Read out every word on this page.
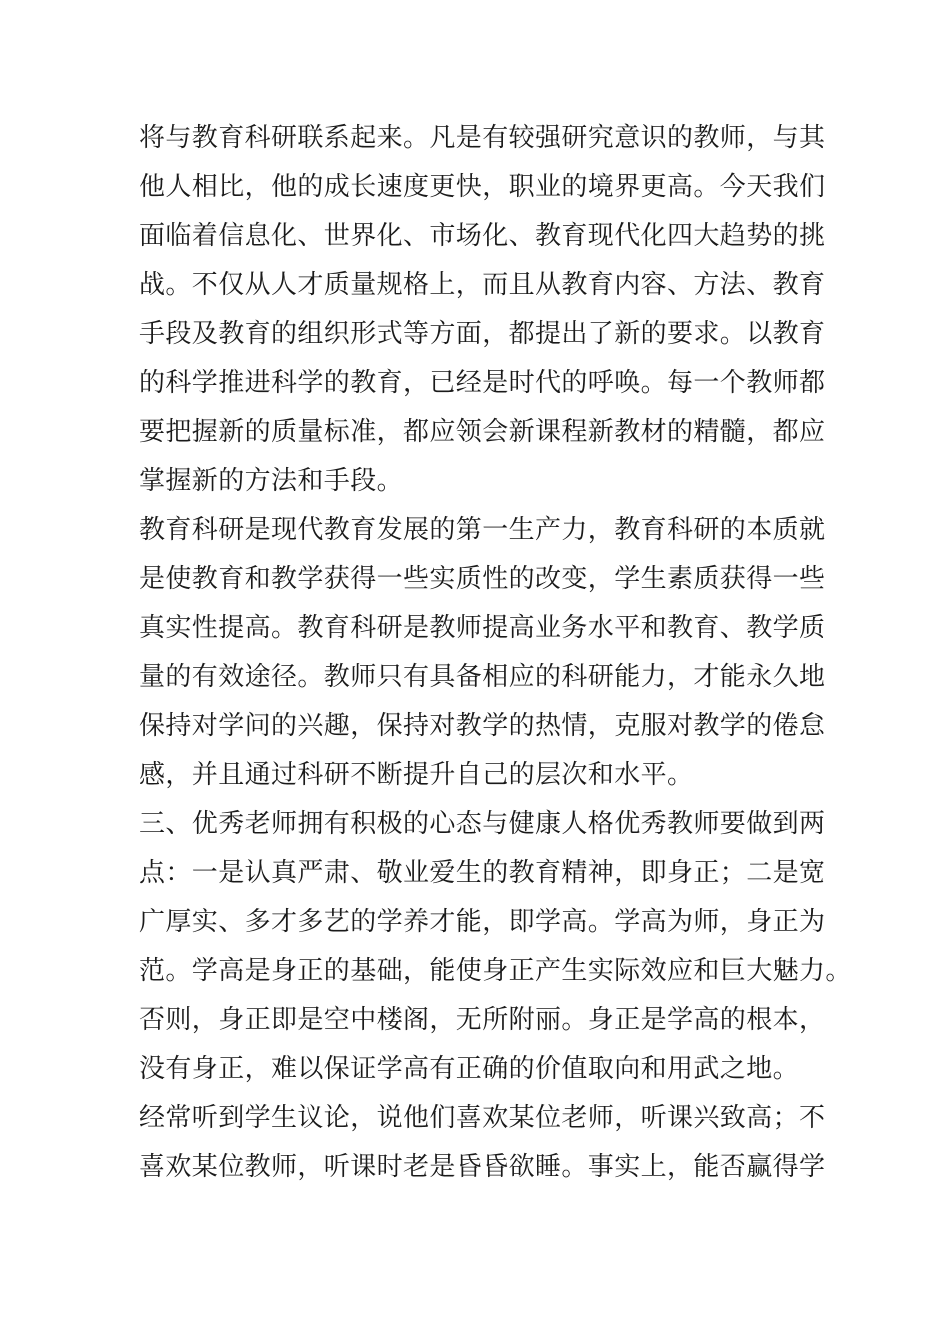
将与教育科研联系起来。凡是有较强研究意识的教师，与其
他人相比，他的成长速度更快，职业的境界更高。今天我们
面临着信息化、世界化、市场化、教育现代化四大趋势的挑
战。不仅从人才质量规格上，而且从教育内容、方法、教育
手段及教育的组织形式等方面，都提出了新的要求。以教育
的科学推进科学的教育，已经是时代的呼唤。每一个教师都
要把握新的质量标准，都应领会新课程新教材的精髓，都应
掌握新的方法和手段。
教育科研是现代教育发展的第一生产力，教育科研的本质就
是使教育和教学获得一些实质性的改变，学生素质获得一些
真实性提高。教育科研是教师提高业务水平和教育、教学质
量的有效途径。教师只有具备相应的科研能力，才能永久地
保持对学问的兴趣，保持对教学的热情，克服对教学的倦怠
感，并且通过科研不断提升自己的层次和水平。
三、优秀老师拥有积极的心态与健康人格优秀教师要做到两
点：一是认真严肃、敬业爱生的教育精神，即身正；二是宽
广厚实、多才多艺的学养才能，即学高。学高为师，身正为
范。学高是身正的基础，能使身正产生实际效应和巨大魅力。
否则，身正即是空中楼阁，无所附丽。身正是学高的根本，
没有身正，难以保证学高有正确的价值取向和用武之地。
经常听到学生议论，说他们喜欢某位老师，听课兴致高；不
喜欢某位教师，听课时老是昏昏欲睡。事实上，能否赢得学
